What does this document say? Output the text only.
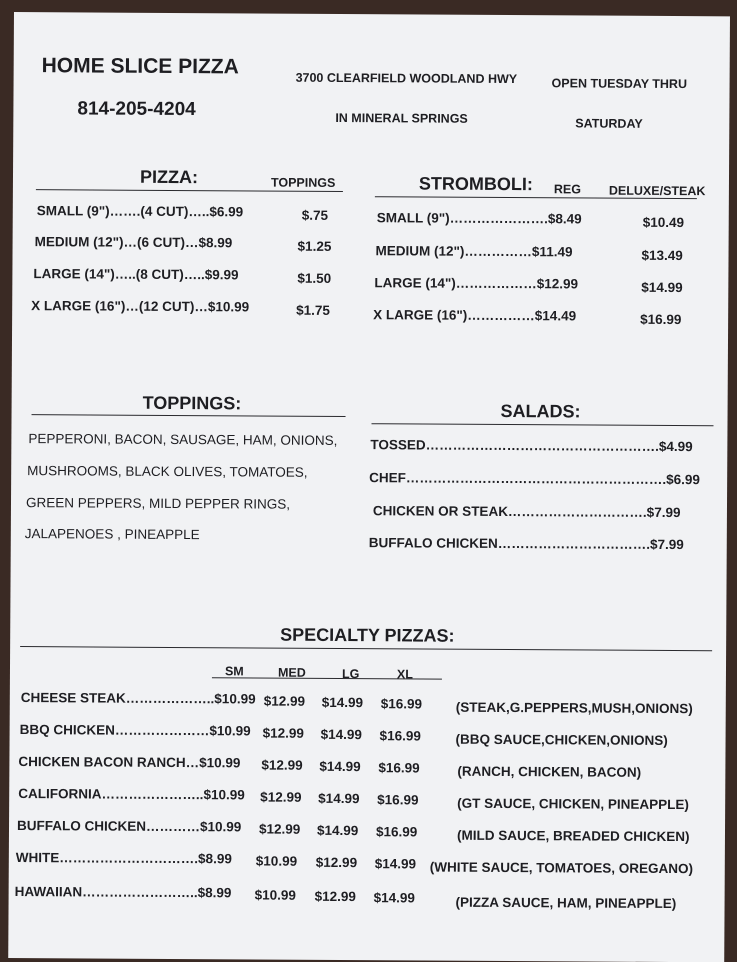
HOME SLICE PIZZA
814-205-4204
3700 CLEARFIELD WOODLAND HWY
IN MINERAL SPRINGS
OPEN TUESDAY THRU
SATURDAY
PIZZA:	TOPPINGS
SMALL (9")…….(4 CUT)…..$6.99	$.75
MEDIUM (12")…(6 CUT)…$8.99	$1.25
LARGE (14")…..(8 CUT)…..$9.99	$1.50
X LARGE (16")…(12 CUT)…$10.99	$1.75
STROMBOLI: REG DELUXE/STEAK
SMALL (9")………………….$8.49	$10.49
MEDIUM (12")……………$11.49	$13.49
LARGE (14")………………$12.99	$14.99
X LARGE (16")……………$14.49	$16.99
TOPPINGS:
PEPPERONI, BACON, SAUSAGE, HAM, ONIONS,
MUSHROOMS, BLACK OLIVES, TOMATOES,
GREEN PEPPERS, MILD PEPPER RINGS,
JALAPENOES , PINEAPPLE
SALADS:
TOSSED…………………………………………….$4.99
CHEF………………………………………………….$6.99
CHICKEN OR STEAK………………………….$7.99
BUFFALO CHICKEN…………………………….$7.99
SPECIALTY PIZZAS:
SM	MED	LG	XL
CHEESE STEAK………………..$10.99 $12.99 $14.99 $16.99 (STEAK,G.PEPPERS,MUSH,ONIONS)
BBQ CHICKEN…………………$10.99 $12.99 $14.99 $16.99	(BBQ SAUCE,CHICKEN,ONIONS)
CHICKEN BACON RANCH…$10.99 $12.99 $14.99 $16.99	(RANCH, CHICKEN, BACON)
CALIFORNIA…………………..$10.99 $12.99 $14.99 $16.99	(GT SAUCE, CHICKEN, PINEAPPLE)
BUFFALO CHICKEN…………$10.99 $12.99 $14.99 $16.99	(MILD SAUCE, BREADED CHICKEN)
WHITE………………………….$8.99 $10.99 $12.99 $14.99 (WHITE SAUCE, TOMATOES, OREGANO)
HAWAIIAN……………………..$8.99 $10.99 $12.99 $14.99	(PIZZA SAUCE, HAM, PINEAPPLE)
